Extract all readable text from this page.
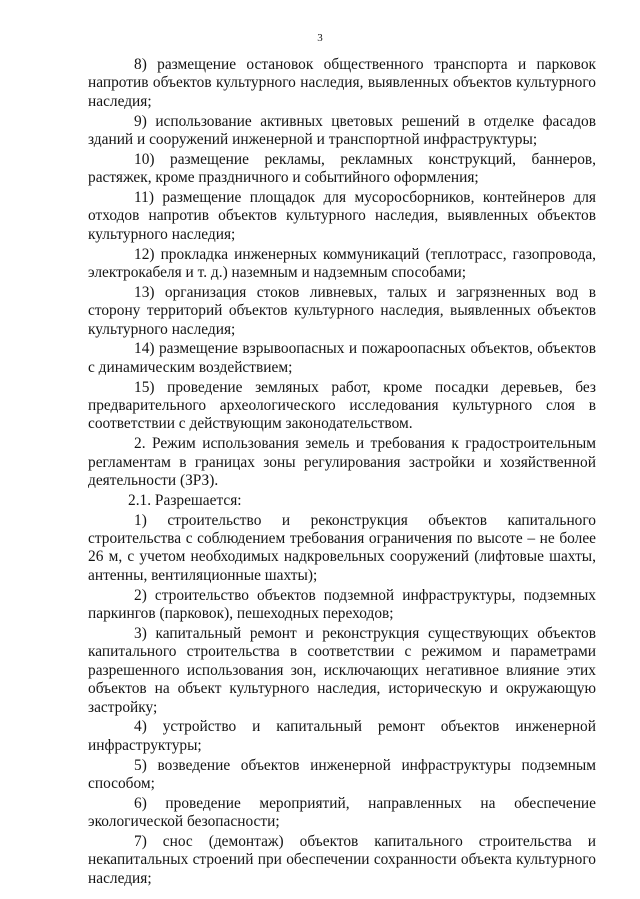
3

8) размещение остановок общественного транспорта и парковок напротив объектов культурного наследия, выявленных объектов культурного наследия;

9) использование активных цветовых решений в отделке фасадов зданий и сооружений инженерной и транспортной инфраструктуры;

10) размещение рекламы, рекламных конструкций, баннеров, растяжек, кроме праздничного и событийного оформления;

11) размещение площадок для мусоросборников, контейнеров для отходов напротив объектов культурного наследия, выявленных объектов культурного наследия;

12) прокладка инженерных коммуникаций (теплотрасс, газопровода, электрокабеля и т. д.) наземным и надземным способами;

13) организация стоков ливневых, талых и загрязненных вод в сторону территорий объектов культурного наследия, выявленных объектов культурного наследия;

14) размещение взрывоопасных и пожароопасных объектов, объектов с динамическим воздействием;

15) проведение земляных работ, кроме посадки деревьев, без предварительного археологического исследования культурного слоя в соответствии с действующим законодательством.

2. Режим использования земель и требования к градостроительным регламентам в границах зоны регулирования застройки и хозяйственной деятельности (ЗРЗ).

2.1. Разрешается:

1) строительство и реконструкция объектов капитального строительства с соблюдением требования ограничения по высоте – не более 26 м, с учетом необходимых надкровельных сооружений (лифтовые шахты, антенны, вентиляционные шахты);

2) строительство объектов подземной инфраструктуры, подземных паркингов (парковок), пешеходных переходов;

3) капитальный ремонт и реконструкция существующих объектов капитального строительства в соответствии с режимом и параметрами разрешенного использования зон, исключающих негативное влияние этих объектов на объект культурного наследия, историческую и окружающую застройку;

4) устройство и капитальный ремонт объектов инженерной инфраструктуры;

5) возведение объектов инженерной инфраструктуры подземным способом;

6) проведение мероприятий, направленных на обеспечение экологической безопасности;

7) снос (демонтаж) объектов капитального строительства и некапитальных строений при обеспечении сохранности объекта культурного наследия;
